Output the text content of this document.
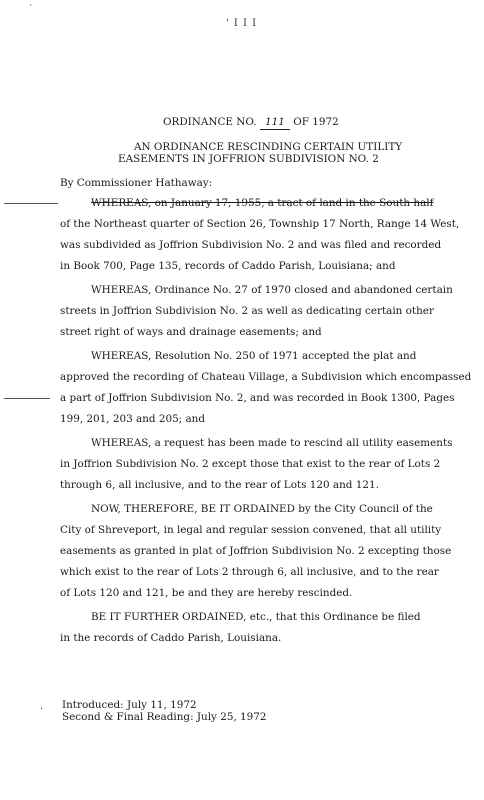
' I I I
˙
ORDINANCE NO. 111 OF 1972
AN ORDINANCE RESCINDING CERTAIN UTILITY
EASEMENTS IN JOFFRION SUBDIVISION NO. 2
By Commissioner Hathaway:
WHEREAS, on January 17, 1955, a tract of land in the South half
of the Northeast quarter of Section 26, Township 17 North, Range 14 West,
was subdivided as Joffrion Subdivision No. 2 and was filed and recorded
in Book 700, Page 135, records of Caddo Parish, Louisiana; and
WHEREAS, Ordinance No. 27 of 1970 closed and abandoned certain
streets in Joffrion Subdivision No. 2 as well as dedicating certain other
street right of ways and drainage easements; and
WHEREAS, Resolution No. 250 of 1971 accepted the plat and
approved the recording of Chateau Village, a Subdivision which encompassed
a part of Joffrion Subdivision No. 2, and was recorded in Book 1300, Pages
199, 201, 203 and 205; and
WHEREAS, a request has been made to rescind all utility easements
in Joffrion Subdivision No. 2 except those that exist to the rear of Lots 2
through 6, all inclusive, and to the rear of Lots 120 and 121.
NOW, THEREFORE, BE IT ORDAINED by the City Council of the
City of Shreveport, in legal and regular session convened, that all utility
easements as granted in plat of Joffrion Subdivision No. 2 excepting those
which exist to the rear of Lots 2 through 6, all inclusive, and to the rear
of Lots 120 and 121, be and they are hereby rescinded.
BE IT FURTHER ORDAINED, etc., that this Ordinance be filed
in the records of Caddo Parish, Louisiana.
Introduced: July 11, 1972
Second & Final Reading: July 25, 1972
·
